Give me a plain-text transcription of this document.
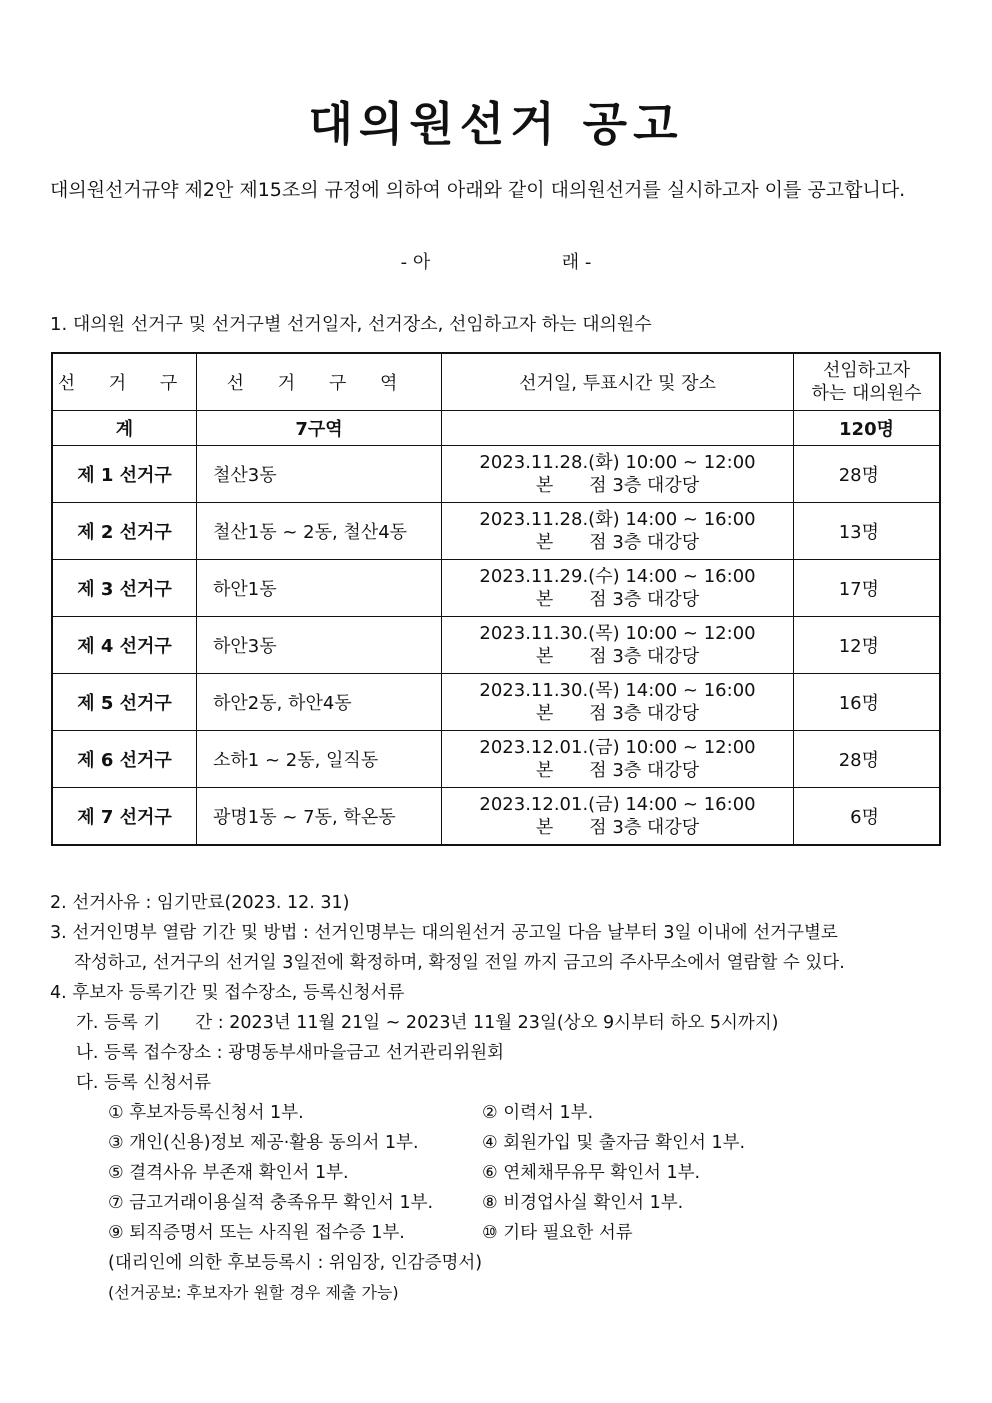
대의원선거 공고
대의원선거규약 제2안 제15조의 규정에 의하여 아래와 같이 대의원선거를 실시하고자 이를 공고합니다.
- 아	래 -
1. 대의원 선거구 및 선거구별 선거일자, 선거장소, 선임하고자 하는 대의원수
선 거 구	선 거 구 역	선거일, 투표시간 및 장소	선임하고자
하는 대의원수

계	7구역		120명
제 1 선거구	철산3동	2023.11.28.(화) 10:00 ~ 12:00
본　　점 3층 대강당	28명
제 2 선거구	철산1동 ~ 2동, 철산4동	2023.11.28.(화) 14:00 ~ 16:00
본　　점 3층 대강당	13명
제 3 선거구	하안1동	2023.11.29.(수) 14:00 ~ 16:00
본　　점 3층 대강당	17명
제 4 선거구	하안3동	2023.11.30.(목) 10:00 ~ 12:00
본　　점 3층 대강당	12명
제 5 선거구	하안2동, 하안4동	2023.11.30.(목) 14:00 ~ 16:00
본　　점 3층 대강당	16명
제 6 선거구	소하1 ~ 2동, 일직동	2023.12.01.(금) 10:00 ~ 12:00
본　　점 3층 대강당	28명
제 7 선거구	광명1동 ~ 7동, 학온동	2023.12.01.(금) 14:00 ~ 16:00
본　　점 3층 대강당	6명
2. 선거사유 : 임기만료(2023. 12. 31)
3. 선거인명부 열람 기간 및 방법 : 선거인명부는 대의원선거 공고일 다음 날부터 3일 이내에 선거구별로
작성하고, 선거구의 선거일 3일전에 확정하며, 확정일 전일 까지 금고의 주사무소에서 열람할 수 있다.
4. 후보자 등록기간 및 접수장소, 등록신청서류
가. 등록 기　　간 : 2023년 11월 21일 ~ 2023년 11월 23일(상오 9시부터 하오 5시까지)
나. 등록 접수장소 : 광명동부새마을금고 선거관리위원회
다. 등록 신청서류
① 후보자등록신청서 1부.	② 이력서 1부.
③ 개인(신용)정보 제공·활용 동의서 1부.	④ 회원가입 및 출자금 확인서 1부.
⑤ 결격사유 부존재 확인서 1부.	⑥ 연체채무유무 확인서 1부.
⑦ 금고거래이용실적 충족유무 확인서 1부.	⑧ 비경업사실 확인서 1부.
⑨ 퇴직증명서 또는 사직원 접수증 1부.	⑩ 기타 필요한 서류
(대리인에 의한 후보등록시 : 위임장, 인감증명서)
(선거공보: 후보자가 원할 경우 제출 가능)
